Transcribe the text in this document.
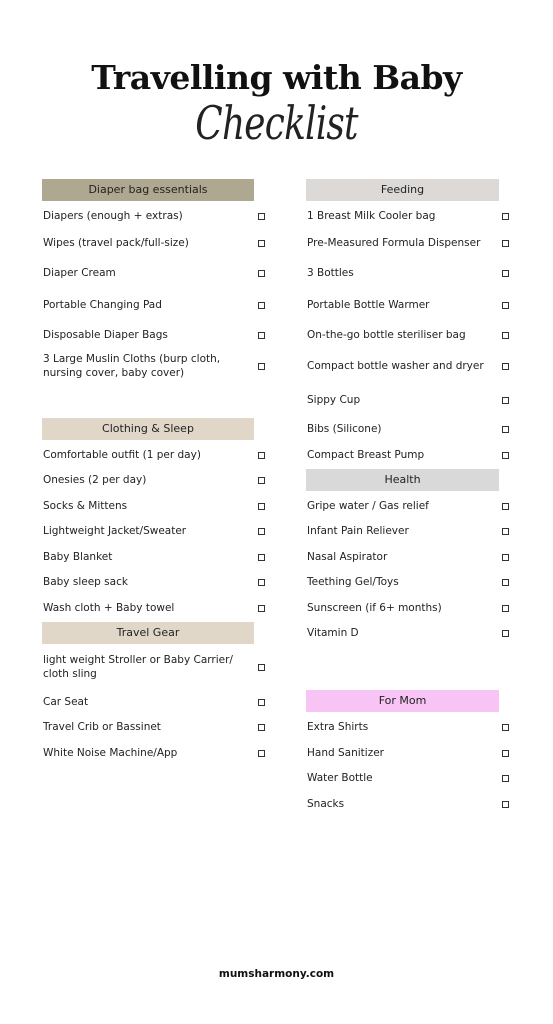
Travelling with Baby
Checklist
Diaper bag essentials
Diapers (enough + extras)
Wipes (travel pack/full-size)
Diaper Cream
Portable Changing Pad
Disposable Diaper Bags
3 Large Muslin Cloths (burp cloth, nursing cover, baby cover)
Clothing & Sleep
Comfortable outfit (1 per day)
Onesies (2 per day)
Socks & Mittens
Lightweight Jacket/Sweater
Baby Blanket
Baby sleep sack
Wash cloth + Baby towel
Travel Gear
light weight Stroller or Baby Carrier/ cloth sling
Car Seat
Travel Crib or Bassinet
White Noise Machine/App
Feeding
1 Breast Milk Cooler bag
Pre-Measured Formula Dispenser
3 Bottles
Portable Bottle Warmer
On-the-go bottle steriliser bag
Compact bottle washer and dryer
Sippy Cup
Bibs (Silicone)
Compact Breast Pump
Health
Gripe water / Gas relief
Infant Pain Reliever
Nasal Aspirator
Teething Gel/Toys
Sunscreen (if 6+ months)
Vitamin D
For Mom
Extra Shirts
Hand Sanitizer
Water Bottle
Snacks
mumsharmony.com
